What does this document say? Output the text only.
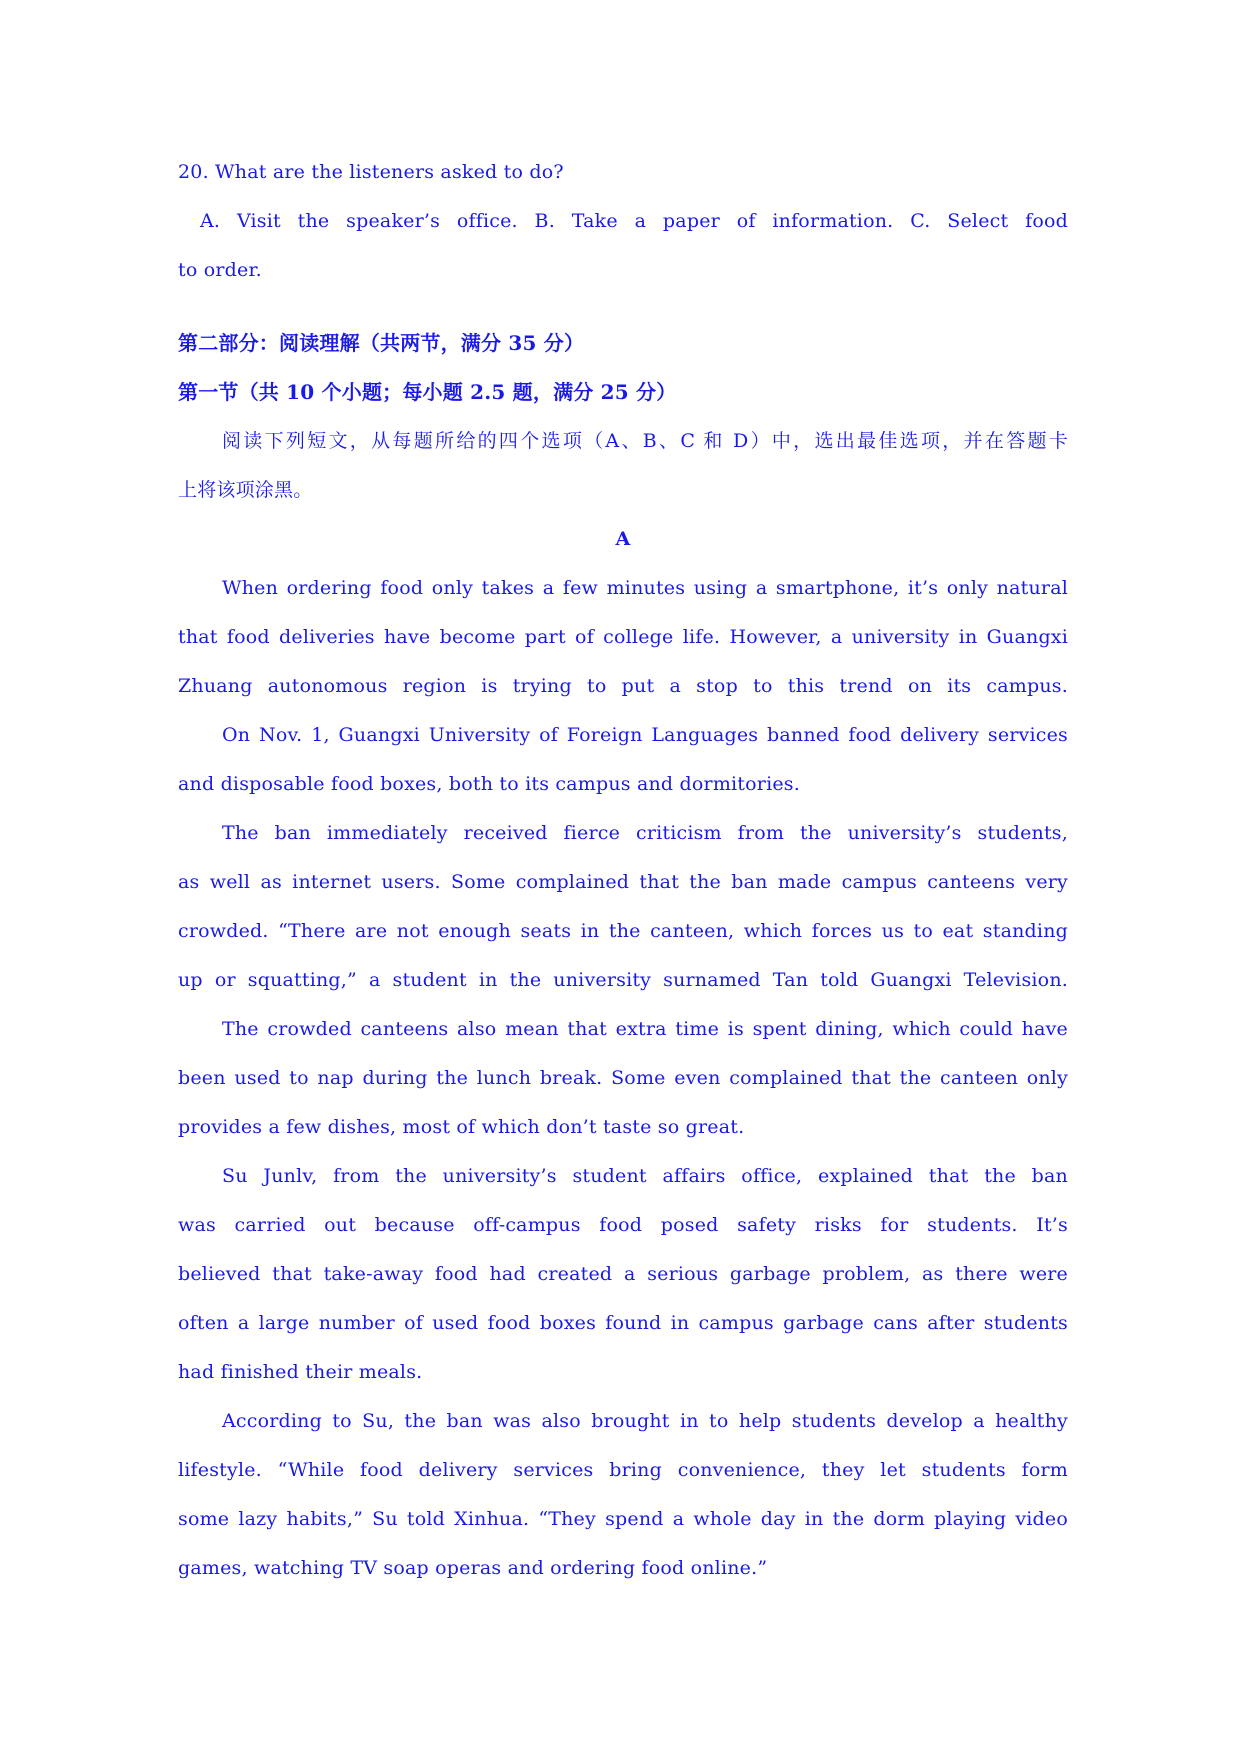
20. What are the listeners asked to do?
A. Visit the speaker’s office. B. Take a paper of information. C. Select food
to order.
第二部分：阅读理解（共两节，满分 35 分）
第一节（共 10 个小题；每小题 2.5 题，满分 25 分）
阅读下列短文，从每题所给的四个选项（A、B、C 和 D）中，选出最佳选项，并在答题卡
上将该项涂黑。
A
When ordering food only takes a few minutes using a smartphone, it’s only natural
that food deliveries have become part of college life. However, a university in Guangxi
Zhuang autonomous region is trying to put a stop to this trend on its campus.
On Nov. 1, Guangxi University of Foreign Languages banned food delivery services
and disposable food boxes, both to its campus and dormitories.
The ban immediately received fierce criticism from the university’s students,
as well as internet users. Some complained that the ban made campus canteens very
crowded. “There are not enough seats in the canteen, which forces us to eat standing
up or squatting,” a student in the university surnamed Tan told Guangxi Television.
The crowded canteens also mean that extra time is spent dining, which could have
been used to nap during the lunch break. Some even complained that the canteen only
provides a few dishes, most of which don’t taste so great.
Su Junlv, from the university’s student affairs office, explained that the ban
was carried out because off-campus food posed safety risks for students. It’s
believed that take-away food had created a serious garbage problem, as there were
often a large number of used food boxes found in campus garbage cans after students
had finished their meals.
According to Su, the ban was also brought in to help students develop a healthy
lifestyle. “While food delivery services bring convenience, they let students form
some lazy habits,” Su told Xinhua. “They spend a whole day in the dorm playing video
games, watching TV soap operas and ordering food online.”
